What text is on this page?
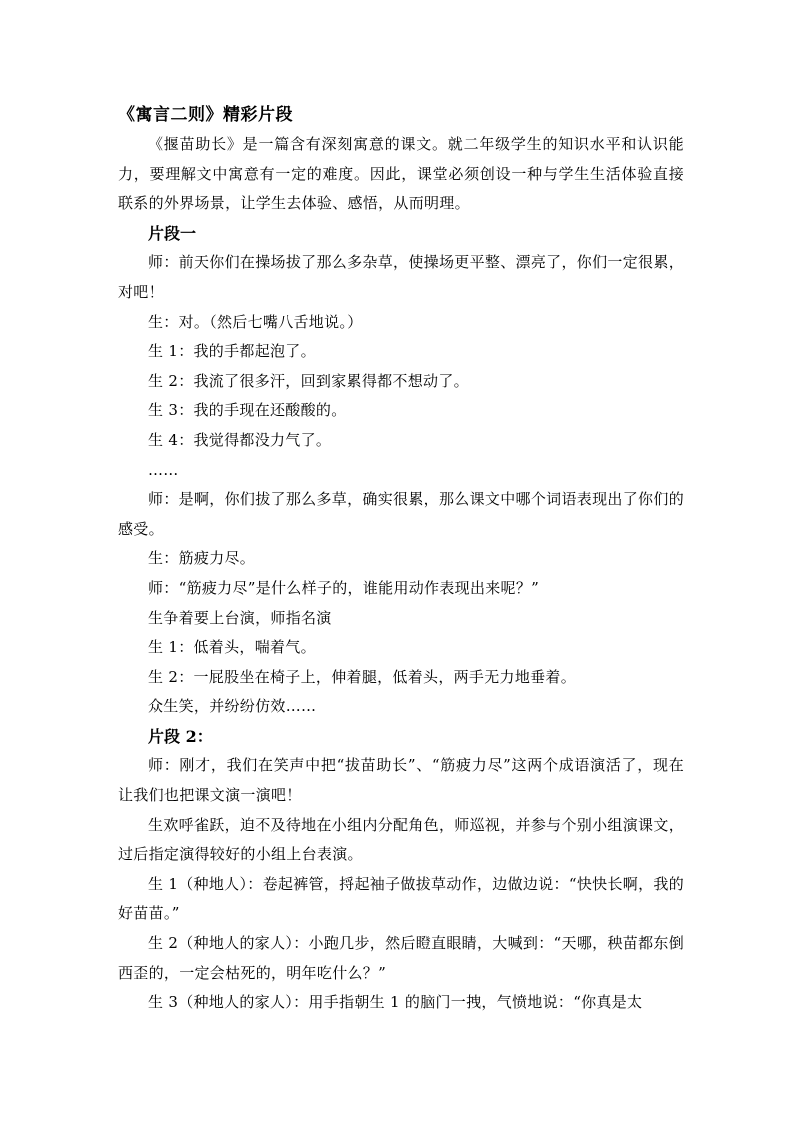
《寓言二则》精彩片段

《揠苗助长》是一篇含有深刻寓意的课文。就二年级学生的知识水平和认识能力，要理解文中寓意有一定的难度。因此，课堂必须创设一种与学生生活体验直接联系的外界场景，让学生去体验、感悟，从而明理。

片段一

师：前天你们在操场拔了那么多杂草，使操场更平整、漂亮了，你们一定很累，对吧！

生：对。（然后七嘴八舌地说。）

生 1：我的手都起泡了。

生 2：我流了很多汗，回到家累得都不想动了。

生 3：我的手现在还酸酸的。

生 4：我觉得都没力气了。

……

师：是啊，你们拔了那么多草，确实很累，那么课文中哪个词语表现出了你们的感受。

生：筋疲力尽。

师：“筋疲力尽”是什么样子的，谁能用动作表现出来呢？”

生争着要上台演，师指名演

生 1：低着头，喘着气。

生 2：一屁股坐在椅子上，伸着腿，低着头，两手无力地垂着。

众生笑，并纷纷仿效……

片段 2：

师：刚才，我们在笑声中把“拔苗助长”、“筋疲力尽”这两个成语演活了，现在让我们也把课文演一演吧！

生欢呼雀跃，迫不及待地在小组内分配角色，师巡视，并参与个别小组演课文，过后指定演得较好的小组上台表演。

生 1（种地人）：卷起裤管，捋起袖子做拔草动作，边做边说：“快快长啊，我的好苗苗。”

生 2（种地人的家人）：小跑几步，然后瞪直眼睛，大喊到：“天哪，秧苗都东倒西歪的，一定会枯死的，明年吃什么？”

生 3（种地人的家人）：用手指朝生 1 的脑门一拽，气愤地说：“你真是太
